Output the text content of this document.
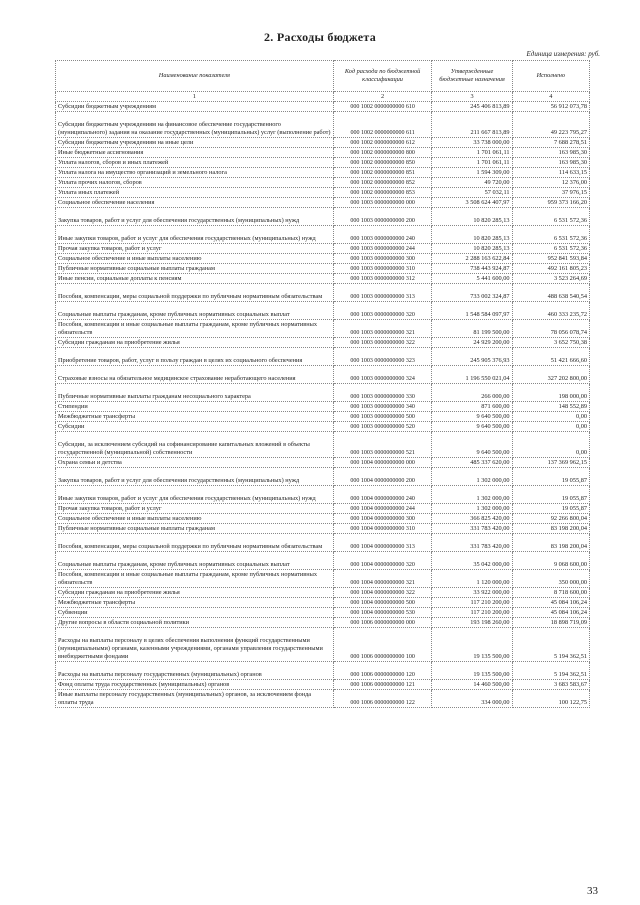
2. Расходы бюджета
Единица измерения: руб.
Наименование показателя	Код расхода по бюджетной классификации	Утвержденные бюджетные назначения	Исполнено
1	2	3	4
Субсидии бюджетным учреждениям	000 1002 0000000000 610	245 406 813,89	56 912 073,78
Субсидии бюджетным учреждениям на финансовое обеспечение государственного (муниципального) задания на оказание государственных (муниципальных) услуг (выполнение работ)	000 1002 0000000000 611	211 667 813,89	49 223 795,27
Субсидии бюджетным учреждениям на иные цели	000 1002 0000000000 612	33 738 000,00	7 688 278,51
Иные бюджетные ассигнования	000 1002 0000000000 800	1 701 061,11	163 985,30
Уплата налогов, сборов и иных платежей	000 1002 0000000000 850	1 701 061,11	163 985,30
Уплата налога на имущество организаций и земельного налога	000 1002 0000000000 851	1 594 309,00	114 633,15
Уплата прочих налогов, сборов	000 1002 0000000000 852	49 720,00	12 376,00
Уплата иных платежей	000 1002 0000000000 853	57 032,11	37 976,15
Социальное обеспечение населения	000 1003 0000000000 000	3 508 624 407,97	959 373 166,20
Закупка товаров, работ и услуг для обеспечения государственных (муниципальных) нужд	000 1003 0000000000 200	10 820 285,13	6 531 572,36
Иные закупки товаров, работ и услуг для обеспечения государственных (муниципальных) нужд	000 1003 0000000000 240	10 820 285,13	6 531 572,36
Прочая закупка товаров, работ и услуг	000 1003 0000000000 244	10 820 285,13	6 531 572,36
Социальное обеспечение и иные выплаты населению	000 1003 0000000000 300	2 288 163 622,84	952 841 593,84
Публичные нормативные социальные выплаты гражданам	000 1003 0000000000 310	738 443 924,87	492 161 805,23
Иные пенсии, социальные доплаты к пенсиям	000 1003 0000000000 312	5 441 600,00	3 523 264,69
Пособия, компенсации, меры социальной поддержки по публичным нормативным обязательствам	000 1003 0000000000 313	733 002 324,87	488 638 540,54
Социальные выплаты гражданам, кроме публичных нормативных социальных выплат	000 1003 0000000000 320	1 548 584 097,97	460 333 235,72
Пособия, компенсации и иные социальные выплаты гражданам, кроме публичных нормативных обязательств	000 1003 0000000000 321	81 199 500,00	78 056 078,74
Субсидии гражданам на приобретение жилья	000 1003 0000000000 322	24 929 200,00	3 652 750,38
Приобретение товаров, работ, услуг в пользу граждан в целях их социального обеспечения	000 1003 0000000000 323	245 905 376,93	51 421 666,60
Страховые взносы на обязательное медицинское страхование неработающего населения	000 1003 0000000000 324	1 196 550 021,04	327 202 800,00
Публичные нормативные выплаты гражданам несоциального характера	000 1003 0000000000 330	266 000,00	198 000,00
Стипендии	000 1003 0000000000 340	871 600,00	148 552,89
Межбюджетные трансферты	000 1003 0000000000 500	9 640 500,00	0,00
Субсидии	000 1003 0000000000 520	9 640 500,00	0,00
Субсидии, за исключением субсидий на софинансирование капитальных вложений в объекты государственной (муниципальной) собственности	000 1003 0000000000 521	9 640 500,00	0,00
Охрана семьи и детства	000 1004 0000000000 000	485 337 620,00	137 369 962,15
Закупка товаров, работ и услуг для обеспечения государственных (муниципальных) нужд	000 1004 0000000000 200	1 302 000,00	19 055,87
Иные закупки товаров, работ и услуг для обеспечения государственных (муниципальных) нужд	000 1004 0000000000 240	1 302 000,00	19 055,87
Прочая закупка товаров, работ и услуг	000 1004 0000000000 244	1 302 000,00	19 055,87
Социальное обеспечение и иные выплаты населению	000 1004 0000000000 300	366 825 420,00	92 266 800,04
Публичные нормативные социальные выплаты гражданам	000 1004 0000000000 310	331 783 420,00	83 198 200,04
Пособия, компенсации, меры социальной поддержки по публичным нормативным обязательствам	000 1004 0000000000 313	331 783 420,00	83 198 200,04
Социальные выплаты гражданам, кроме публичных нормативных социальных выплат	000 1004 0000000000 320	35 042 000,00	9 068 600,00
Пособия, компенсации и иные социальные выплаты гражданам, кроме публичных нормативных обязательств	000 1004 0000000000 321	1 120 000,00	350 000,00
Субсидии гражданам на приобретение жилья	000 1004 0000000000 322	33 922 000,00	8 718 600,00
Межбюджетные трансферты	000 1004 0000000000 500	117 210 200,00	45 084 106,24
Субвенции	000 1004 0000000000 530	117 210 200,00	45 084 106,24
Другие вопросы в области социальной политики	000 1006 0000000000 000	193 198 260,00	18 898 719,09
Расходы на выплаты персоналу в целях обеспечения выполнения функций государственными (муниципальными) органами, казенными учреждениями, органами управления государственными внебюджетными фондами	000 1006 0000000000 100	19 135 500,00	5 194 362,51
Расходы на выплаты персоналу государственных (муниципальных) органов	000 1006 0000000000 120	19 135 500,00	5 194 362,51
Фонд оплаты труда государственных (муниципальных) органов	000 1006 0000000000 121	14 460 500,00	3 683 583,67
Иные выплаты персоналу государственных (муниципальных) органов, за исключением фонда оплаты труда	000 1006 0000000000 122	334 000,00	100 122,75
33
